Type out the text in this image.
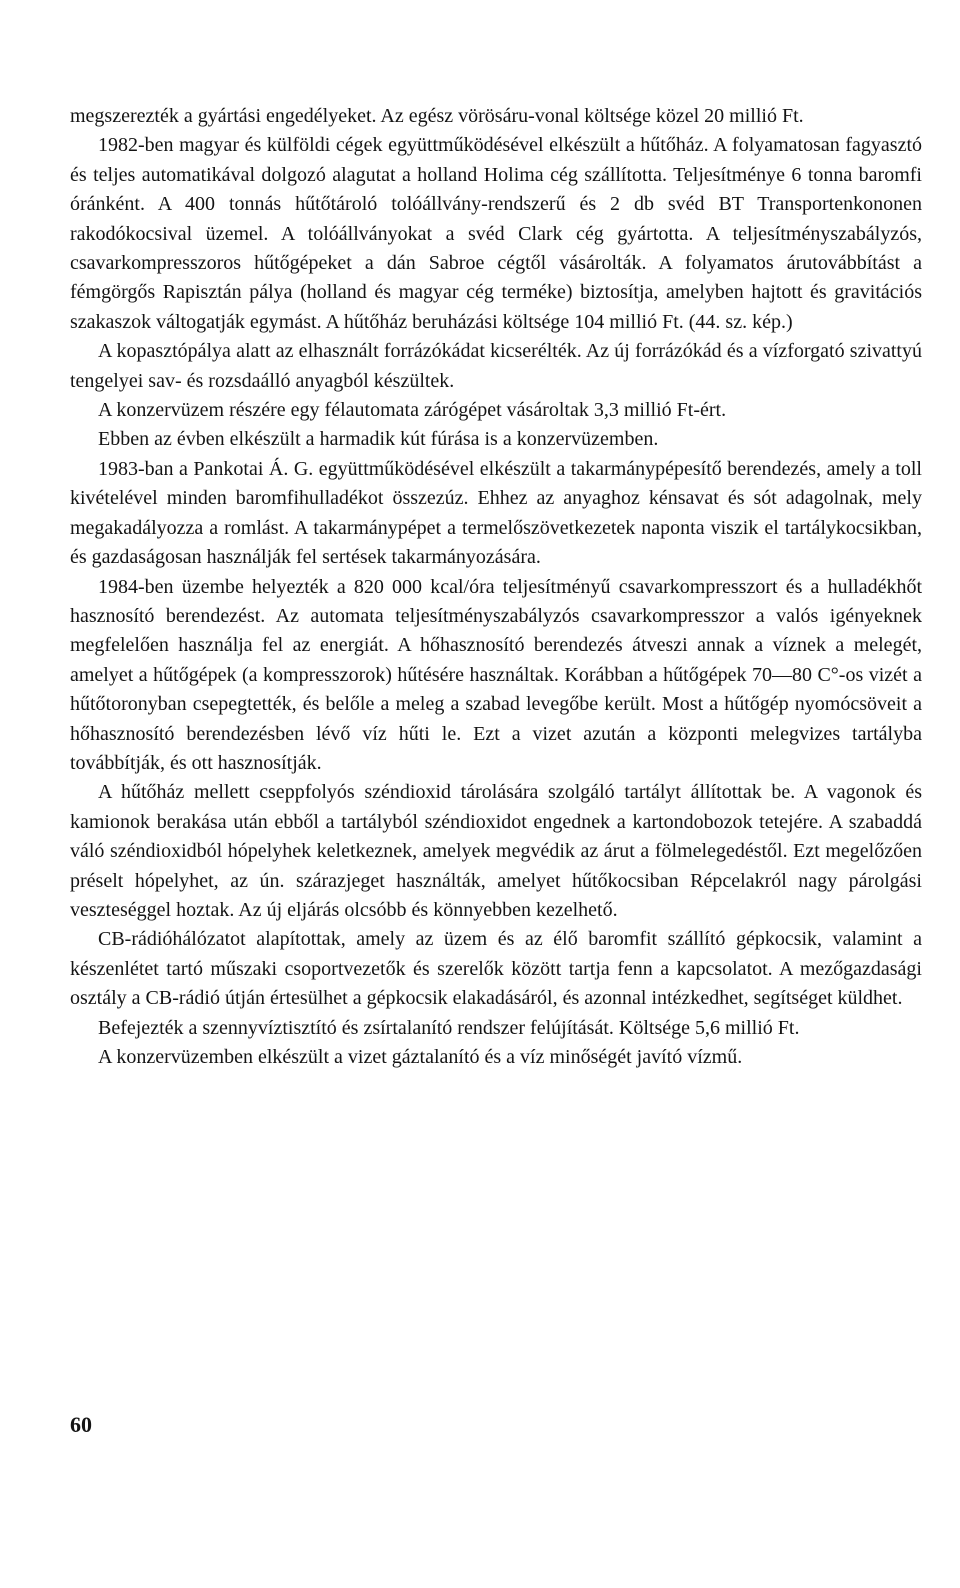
megszerezték a gyártási engedélyeket. Az egész vörösáru-vonal költsége közel 20 millió Ft.

1982-ben magyar és külföldi cégek együttműködésével elkészült a hűtőház. A folyamatosan fagyasztó és teljes automatikával dolgozó alagutat a holland Holima cég szállította. Teljesítménye 6 tonna baromfi óránként. A 400 tonnás hűtőtároló tolóállvány-rendszerű és 2 db svéd BT Transportenkononen rakodókocsival üzemel. A tolóállványokat a svéd Clark cég gyártotta. A teljesítményszabályzós, csavarkompresszoros hűtőgépeket a dán Sabroe cégtől vásárolták. A folyamatos árutovábbítást a fémgörgős Rapisztán pálya (holland és magyar cég terméke) biztosítja, amelyben hajtott és gravitációs szakaszok váltogatják egymást. A hűtőház beruházási költsége 104 millió Ft. (44. sz. kép.)

A kopasztópálya alatt az elhasznált forrázókádat kicserélték. Az új forrázókád és a vízforgató szivattyú tengelyei sav- és rozsdaálló anyagból készültek.

A konzervüzem részére egy félautomata zárógépet vásároltak 3,3 millió Ft-ért.

Ebben az évben elkészült a harmadik kút fúrása is a konzervüzemben.

1983-ban a Pankotai Á. G. együttműködésével elkészült a takarmánypépesítő berendezés, amely a toll kivételével minden baromfihulladékot összezúz. Ehhez az anyaghoz kénsavat és sót adagolnak, mely megakadályozza a romlást. A takarmánypépet a termelőszövetkezetek naponta viszik el tartálykocsikban, és gazdaságosan használják fel sertések takarmányozására.

1984-ben üzembe helyezték a 820 000 kcal/óra teljesítményű csavarkompresszort és a hulladékhőt hasznosító berendezést. Az automata teljesítményszabályzós csavarkompresszor a valós igényeknek megfelelően használja fel az energiát. A hőhasznosító berendezés átveszi annak a víznek a melegét, amelyet a hűtőgépek (a kompresszorok) hűtésére használtak. Korábban a hűtőgépek 70—80 C°-os vizét a hűtőtoronyban csepegtették, és belőle a meleg a szabad levegőbe került. Most a hűtőgép nyomócsöveit a hőhasznosító berendezésben lévő víz hűti le. Ezt a vizet azután a központi melegvizes tartályba továbbítják, és ott hasznosítják.

A hűtőház mellett cseppfolyós széndioxid tárolására szolgáló tartályt állítottak be. A vagonok és kamionok berakása után ebből a tartályból széndioxidot engednek a kartondobozok tetejére. A szabaddá váló széndioxidból hópelyhek keletkeznek, amelyek megvédik az árut a fölmelegedéstől. Ezt megelőzően préselt hópelyhet, az ún. szárazjeget használták, amelyet hűtőkocsiban Répcelakról nagy párolgási veszteséggel hoztak. Az új eljárás olcsóbb és könnyebben kezelhető.

CB-rádióhálózatot alapítottak, amely az üzem és az élő baromfit szállító gépkocsik, valamint a készenlétet tartó műszaki csoportvezetők és szerelők között tartja fenn a kapcsolatot. A mezőgazdasági osztály a CB-rádió útján értesülhet a gépkocsik elakadásáról, és azonnal intézkedhet, segítséget küldhet.

Befejezték a szennyvíztisztító és zsírtalanító rendszer felújítását. Költsége 5,6 millió Ft.

A konzervüzemben elkészült a vizet gáztalanító és a víz minőségét javító vízmű.

60
